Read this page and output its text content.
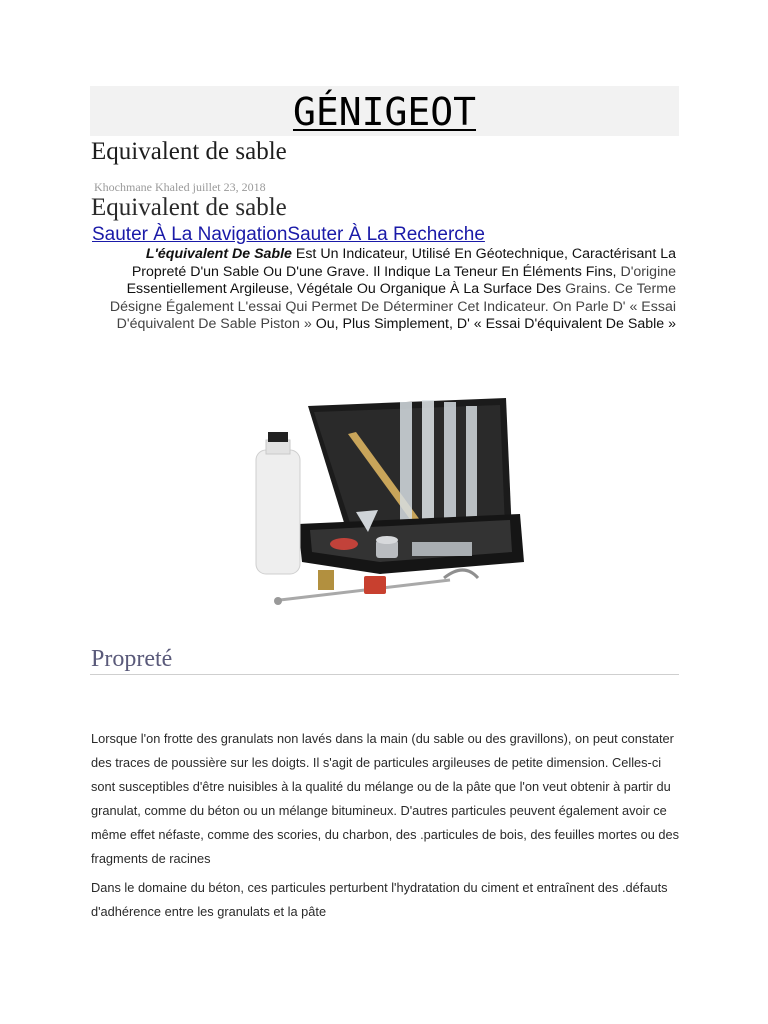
GÉNIGEOT
Equivalent de sable
Khochmane Khaled juillet 23, 2018
Equivalent de sable
Sauter À La NavigationSauter À La Recherche
L'équivalent De Sable Est Un Indicateur, Utilisé En Géotechnique, Caractérisant La Propreté D'un Sable Ou D'une Grave. Il Indique La Teneur En Éléments Fins, D'origine Essentiellement Argileuse, Végétale Ou Organique À La Surface Des Grains. Ce Terme Désigne Également L'essai Qui Permet De Déterminer Cet Indicateur. On Parle D' « Essai D'équivalent De Sable Piston » Ou, Plus Simplement, D' « Essai D'équivalent De Sable »
Propreté

Lorsque l'on frotte des granulats non lavés dans la main (du sable ou des gravillons), on peut constater des traces de poussière sur les doigts. Il s'agit de particules argileuses de petite dimension. Celles-ci sont susceptibles d'être nuisibles à la qualité du mélange ou de la pâte que l'on veut obtenir à partir du granulat, comme du béton ou un mélange bitumineux. D'autres particules peuvent également avoir ce même effet néfaste, comme des scories, du charbon, des .particules de bois, des feuilles mortes ou des fragments de racines

Dans le domaine du béton, ces particules perturbent l'hydratation du ciment et entraînent des .défauts d'adhérence entre les granulats et la pâte
